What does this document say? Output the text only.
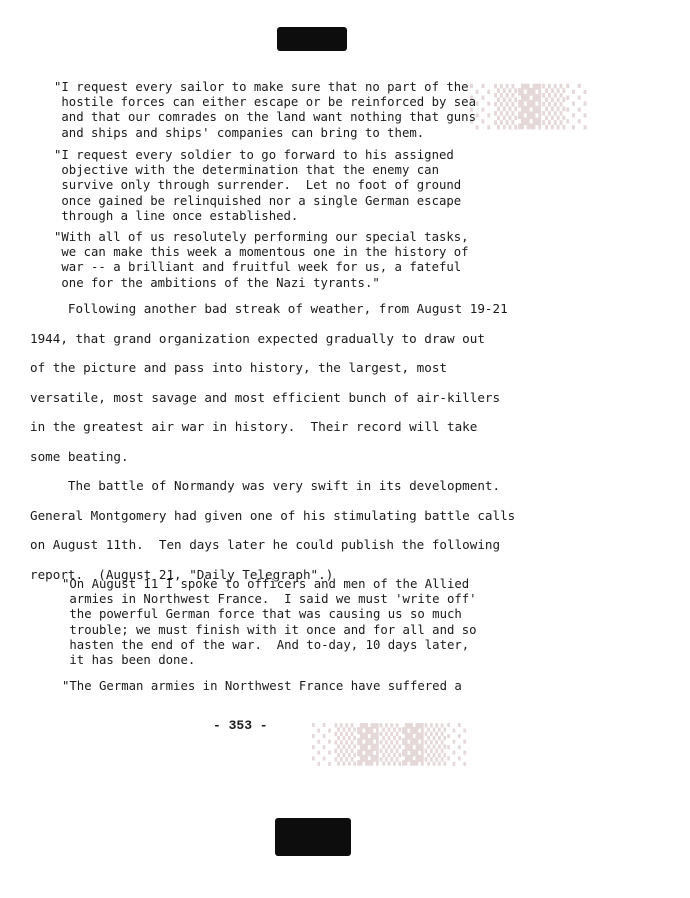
░▒▓▒░
"I request every sailor to make sure that no part of the
hostile forces can either escape or be reinforced by sea
and that our comrades on the land want nothing that guns
and ships and ships' companies can bring to them.
"I request every soldier to go forward to his assigned
objective with the determination that the enemy can
survive only through surrender.  Let no foot of ground
once gained be relinquished nor a single German escape
through a line once established.
"With all of us resolutely performing our special tasks,
we can make this week a momentous one in the history of
war -- a brilliant and fruitful week for us, a fateful
one for the ambitions of the Nazi tyrants."
Following another bad streak of weather, from August 19-21
1944, that grand organization expected gradually to draw out
of the picture and pass into history, the largest, most
versatile, most savage and most efficient bunch of air-killers
in the greatest air war in history.  Their record will take
some beating.
The battle of Normandy was very swift in its development.
General Montgomery had given one of his stimulating battle calls
on August 11th.  Ten days later he could publish the following
report.  (August 21, "Daily Telegraph".)
"On August 11 I spoke to officers and men of the Allied
armies in Northwest France.  I said we must 'write off'
the powerful German force that was causing us so much
trouble; we must finish with it once and for all and so
hasten the end of the war.  And to-day, 10 days later,
it has been done.
"The German armies in Northwest France have suffered a
- 353 - ░▒▓▒▓▒░
